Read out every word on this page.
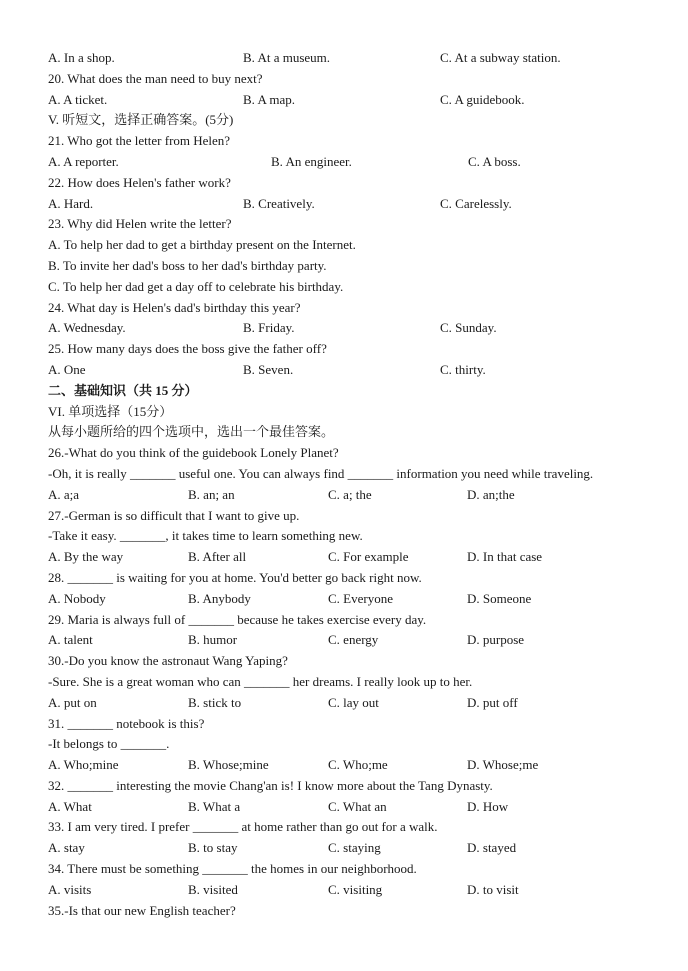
A. In a shop.	B. At a museum.	C. At a subway station.
20. What does the man need to buy next?
A. A ticket.	B. A map.	C. A guidebook.
V. 听短文，选择正确答案。(5分)
21. Who got the letter from Helen?
A. A reporter.	B. An engineer.	C. A boss.
22. How does Helen's father work?
A. Hard.	B. Creatively.	C. Carelessly.
23. Why did Helen write the letter?
A. To help her dad to get a birthday present on the Internet.
B. To invite her dad's boss to her dad's birthday party.
C. To help her dad get a day off to celebrate his birthday.
24. What day is Helen's dad's birthday this year?
A. Wednesday.	B. Friday.	C. Sunday.
25. How many days does the boss give the father off?
A. One	B. Seven.	C. thirty.
二、基础知识（共 15 分）
VI. 单项选择（15分）
从每小题所给的四个选项中，选出一个最佳答案。
26.-What do you think of the guidebook Lonely Planet?
-Oh, it is really _______ useful one. You can always find _______ information you need while traveling.
A. a;a	B. an; an	C. a; the	D. an;the
27.-German is so difficult that I want to give up.
-Take it easy. _______, it takes time to learn something new.
A. By the way	B. After all	C. For example	D. In that case
28. _______ is waiting for you at home. You'd better go back right now.
A. Nobody	B. Anybody	C. Everyone	D. Someone
29. Maria is always full of _______ because he takes exercise every day.
A. talent	B. humor	C. energy	D. purpose
30.-Do you know the astronaut Wang Yaping?
-Sure. She is a great woman who can _______ her dreams. I really look up to her.
A. put on	B. stick to	C. lay out	D. put off
31. _______ notebook is this?
-It belongs to _______.
A. Who;mine	B. Whose;mine	C. Who;me	D. Whose;me
32. _______ interesting the movie Chang'an is! I know more about the Tang Dynasty.
A. What	B. What a	C. What an	D. How
33. I am very tired. I prefer _______ at home rather than go out for a walk.
A. stay	B. to stay	C. staying	D. stayed
34. There must be something _______ the homes in our neighborhood.
A. visits	B. visited	C. visiting	D. to visit
35.-Is that our new English teacher?
